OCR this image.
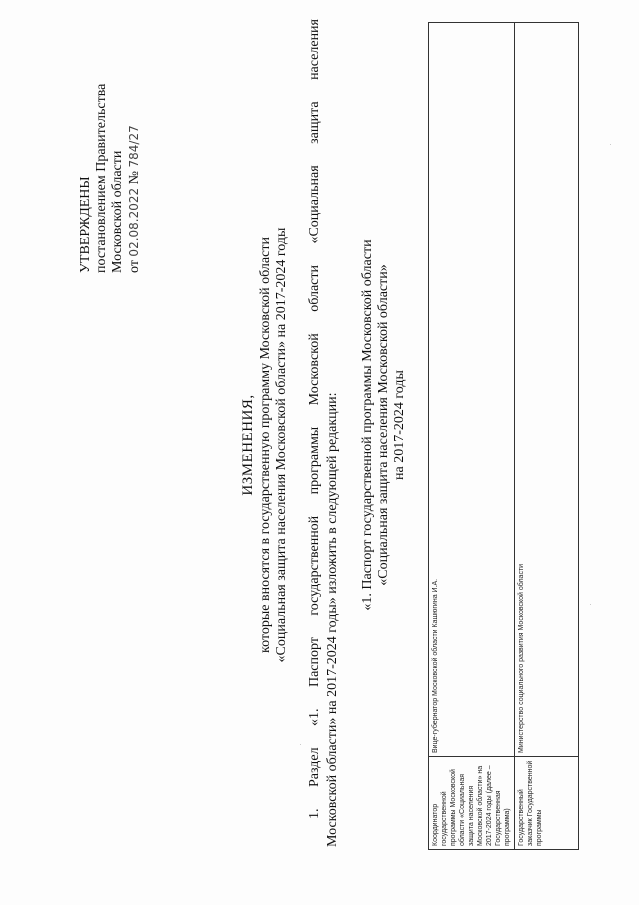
УТВЕРЖДЕНЫ постановлением Правительства Московской области от 02.08.2022 № 784/27
ИЗМЕНЕНИЯ, которые вносятся в государственную программу Московской области «Социальная защита населения Московской области» на 2017-2024 годы 1. Раздел «1. Паспорт государственной программы Московской области «Социальная защита населения Московской области» на 2017-2024 годы» изложить в следующей редакции: «1. Паспорт государственной программы Московской области «Социальная защита населения Московской области» на 2017-2024 годы
Координатор государственной программы Московской области «Социальная защита населения Московской области» на 2017-2024 годы (далее – Государственная программа)	Вице-губернатор Московской области Кашюгина И.А.
Государственный заказчик Государственной программы	Министерство социального развития Московской области
